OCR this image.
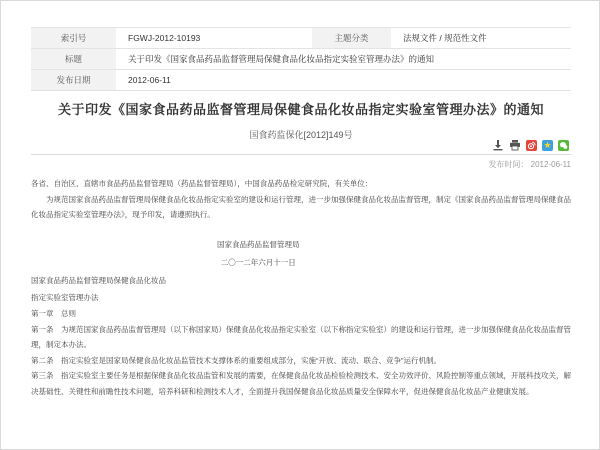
索引号	FGWJ-2012-10193	主题分类	法规文件 / 规范性文件
标题	关于印发《国家食品药品监督管理局保健食品化妆品指定实验室管理办法》的通知
发布日期	2012-06-11
关于印发《国家食品药品监督管理局保健食品化妆品指定实验室管理办法》的通知
国食药监保化[2012]149号
★
发布时间： 2012-06-11

各省、自治区、直辖市食品药品监督管理局（药品监督管理局），中国食品药品检定研究院，有关单位：

为规范国家食品药品监督管理局保健食品化妆品指定实验室的建设和运行管理，进一步加强保健食品化妆品监督管理，制定《国家食品药品监督管理局保健食品化妆品指定实验室管理办法》，现予印发，请遵照执行。

国家食品药品监督管理局

二〇一二年六月十一日

国家食品药品监督管理局保健食品化妆品

指定实验室管理办法

第一章　总则

第一条　为规范国家食品药品监督管理局（以下称国家局）保健食品化妆品指定实验室（以下称指定实验室）的建设和运行管理，进一步加强保健食品化妆品监督管理，制定本办法。

第二条　指定实验室是国家局保健食品化妆品监管技术支撑体系的重要组成部分，实施“开放、流动、联合、竞争”运行机制。

第三条　指定实验室主要任务是根据保健食品化妆品监管和发展的需要，在保健食品化妆品检验检测技术、安全功效评价、风险控制等重点领域，开展科技攻关，解决基础性、关键性和前瞻性技术问题，培养科研和检测技术人才，全面提升我国保健食品化妆品质量安全保障水平，促进保健食品化妆品产业健康发展。
